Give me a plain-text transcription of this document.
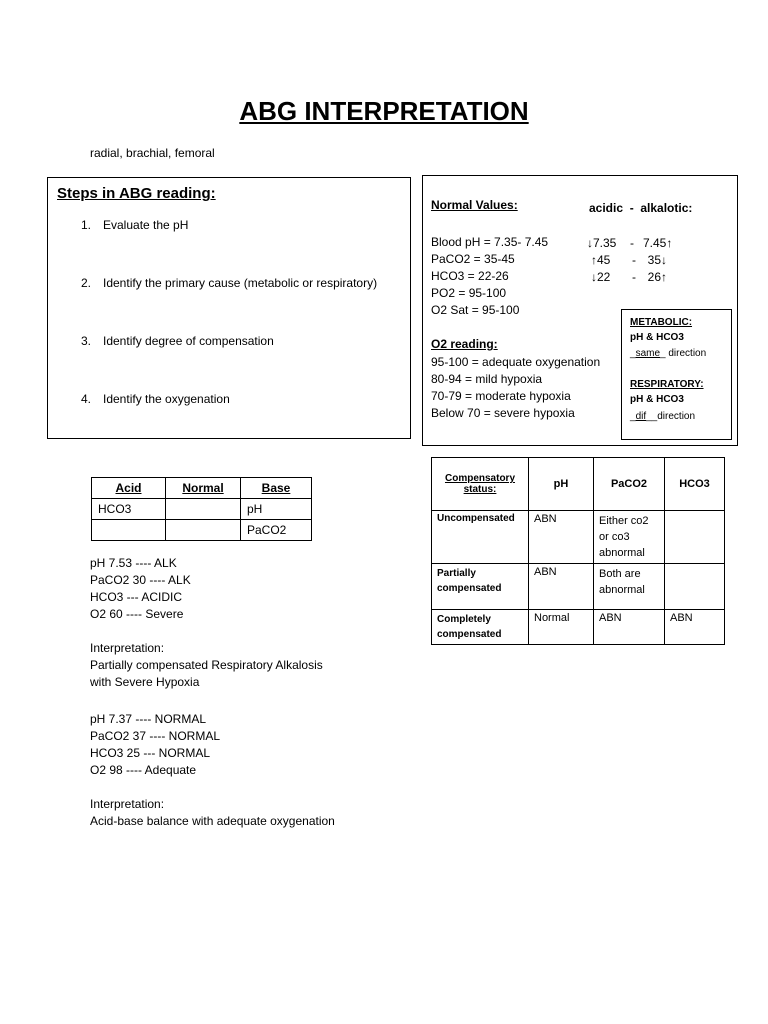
ABG INTERPRETATION
radial, brachial, femoral
Steps in ABG reading:
1. Evaluate the pH
2. Identify the primary cause (metabolic or respiratory)
3. Identify degree of compensation
4. Identify the oxygenation
Normal Values:	acidic  -  alkalotic:
Blood pH = 7.35- 7.45
PaCO2 = 35-45
HCO3 = 22-26
PO2 = 95-100
O2 Sat = 95-100
↓7.35 - 7.45↑
↑45 - 35↓
↓22 - 26↑
O2 reading:
95-100 = adequate oxygenation
80-94 = mild hypoxia
70-79 = moderate hypoxia
Below 70 = severe hypoxia
METABOLIC:
pH & HCO3
_same_ direction
RESPIRATORY:
pH & HCO3
_dif__direction
Compensatory status:	pH	PaCO2	HCO3
Uncompensated	ABN	Either co2 or co3 abnormal	
Partially compensated	ABN	Both are abnormal	
Completely compensated	Normal	ABN	ABN
Acid	Normal	Base
HCO3		pH
		PaCO2
pH 7.53 ---- ALK
PaCO2 30 ---- ALK
HCO3 --- ACIDIC
O2 60 ---- Severe
Interpretation:
Partially compensated Respiratory Alkalosis
with Severe Hypoxia
pH 7.37 ---- NORMAL
PaCO2 37 ---- NORMAL
HCO3 25 --- NORMAL
O2 98 ---- Adequate
Interpretation:
Acid-base balance with adequate oxygenation
